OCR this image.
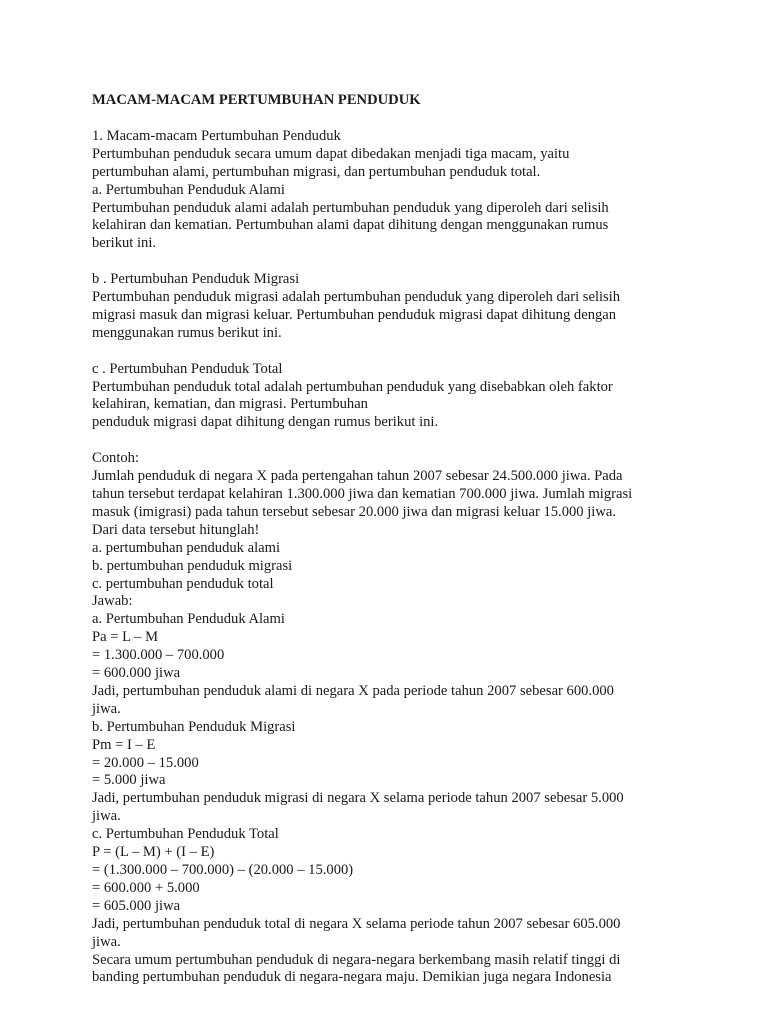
MACAM-MACAM PERTUMBUHAN PENDUDUK
1. Macam-macam Pertumbuhan Penduduk
Pertumbuhan penduduk secara umum dapat dibedakan menjadi tiga macam, yaitu
pertumbuhan alami, pertumbuhan migrasi, dan pertumbuhan penduduk total.
a. Pertumbuhan Penduduk Alami
Pertumbuhan penduduk alami adalah pertumbuhan penduduk yang diperoleh dari selisih
kelahiran dan kematian. Pertumbuhan alami dapat dihitung dengan menggunakan rumus
berikut ini.
b . Pertumbuhan Penduduk Migrasi
Pertumbuhan penduduk migrasi adalah pertumbuhan penduduk yang diperoleh dari selisih
migrasi masuk dan migrasi keluar. Pertumbuhan penduduk migrasi dapat dihitung dengan
menggunakan rumus berikut ini.
c . Pertumbuhan Penduduk Total
Pertumbuhan penduduk total adalah pertumbuhan penduduk yang disebabkan oleh faktor
kelahiran, kematian, dan migrasi. Pertumbuhan
penduduk migrasi dapat dihitung dengan rumus berikut ini.
Contoh:
Jumlah penduduk di negara X pada pertengahan tahun 2007 sebesar 24.500.000 jiwa. Pada
tahun tersebut terdapat kelahiran 1.300.000 jiwa dan kematian 700.000 jiwa. Jumlah migrasi
masuk (imigrasi) pada tahun tersebut sebesar 20.000 jiwa dan migrasi keluar 15.000 jiwa.
Dari data tersebut hitunglah!
a. pertumbuhan penduduk alami
b. pertumbuhan penduduk migrasi
c. pertumbuhan penduduk total
Jawab:
a. Pertumbuhan Penduduk Alami
Pa = L – M
= 1.300.000 – 700.000
= 600.000 jiwa
Jadi, pertumbuhan penduduk alami di negara X pada periode tahun 2007 sebesar 600.000
jiwa.
b. Pertumbuhan Penduduk Migrasi
Pm = I – E
= 20.000 – 15.000
= 5.000 jiwa
Jadi, pertumbuhan penduduk migrasi di negara X selama periode tahun 2007 sebesar 5.000
jiwa.
c. Pertumbuhan Penduduk Total
P = (L – M) + (I – E)
= (1.300.000 – 700.000) – (20.000 – 15.000)
= 600.000 + 5.000
= 605.000 jiwa
Jadi, pertumbuhan penduduk total di negara X selama periode tahun 2007 sebesar 605.000
jiwa.
Secara umum pertumbuhan penduduk di negara-negara berkembang masih relatif tinggi di
banding pertumbuhan penduduk di negara-negara maju. Demikian juga negara Indonesia
